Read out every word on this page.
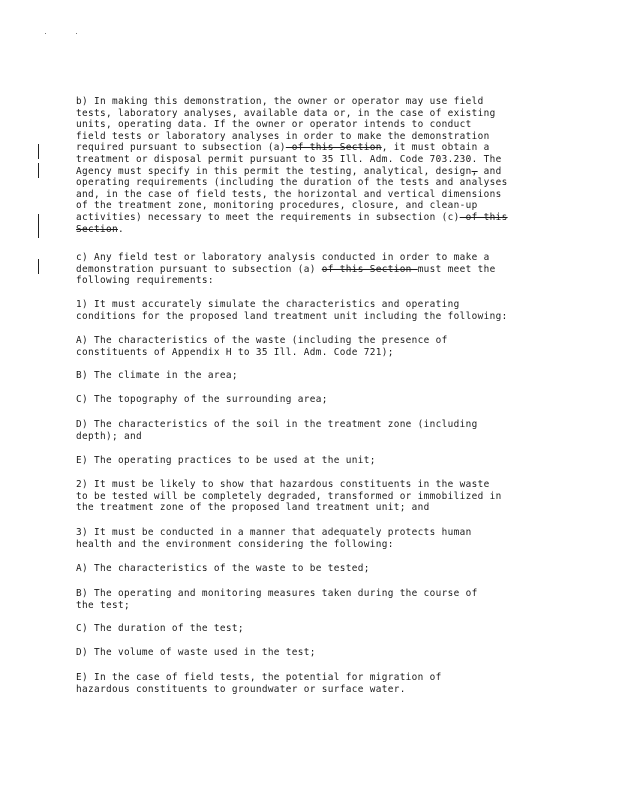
b) In making this demonstration, the owner or operator may use field
tests, laboratory analyses, available data or, in the case of existing
units, operating data. If the owner or operator intends to conduct
field tests or laboratory analyses in order to make the demonstration
required pursuant to subsection (a) of this Section, it must obtain a
treatment or disposal permit pursuant to 35 Ill. Adm. Code 703.230. The
Agency must specify in this permit the testing, analytical, design, and
operating requirements (including the duration of the tests and analyses
and, in the case of field tests, the horizontal and vertical dimensions
of the treatment zone, monitoring procedures, closure, and clean-up
activities) necessary to meet the requirements in subsection (c) of this
Section.
c) Any field test or laboratory analysis conducted in order to make a
demonstration pursuant to subsection (a) of this Section must meet the
following requirements:
1) It must accurately simulate the characteristics and operating
conditions for the proposed land treatment unit including the following:
A) The characteristics of the waste (including the presence of
constituents of Appendix H to 35 Ill. Adm. Code 721);
B) The climate in the area;
C) The topography of the surrounding area;
D) The characteristics of the soil in the treatment zone (including
depth); and
E) The operating practices to be used at the unit;
2) It must be likely to show that hazardous constituents in the waste
to be tested will be completely degraded, transformed or immobilized in
the treatment zone of the proposed land treatment unit; and
3) It must be conducted in a manner that adequately protects human
health and the environment considering the following:
A) The characteristics of the waste to be tested;
B) The operating and monitoring measures taken during the course of
the test;
C) The duration of the test;
D) The volume of waste used in the test;
E) In the case of field tests, the potential for migration of
hazardous constituents to groundwater or surface water.
